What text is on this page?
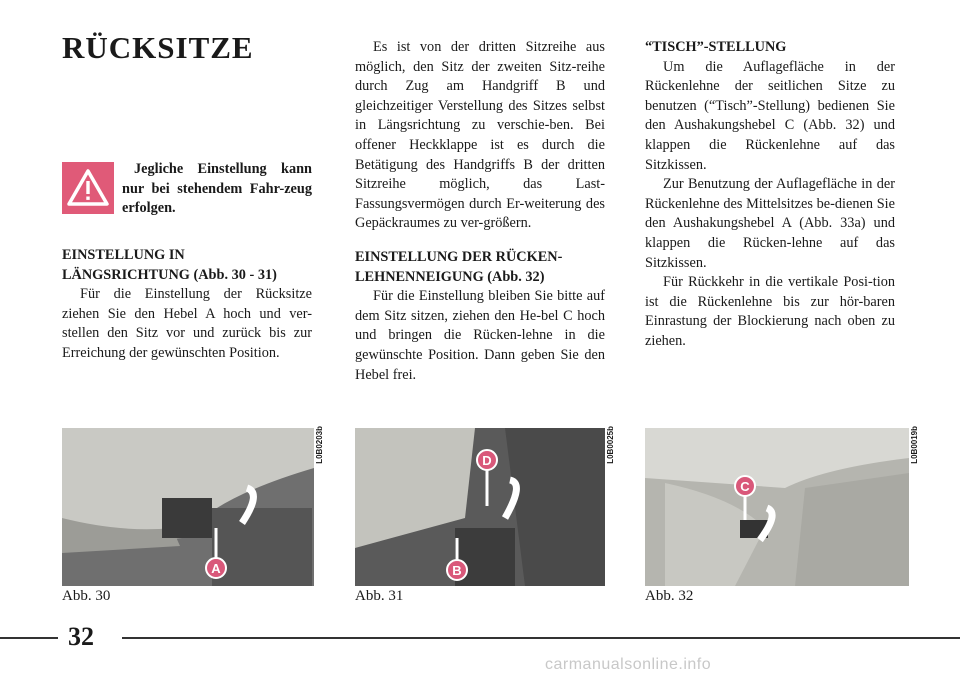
RÜCKSITZE

Jegliche Einstellung kann nur bei stehendem Fahr-zeug erfolgen.

EINSTELLUNG IN
LÄNGSRICHTUNG (Abb. 30 - 31)

Für die Einstellung der Rücksitze ziehen Sie den Hebel A hoch und ver-stellen den Sitz vor und zurück bis zur Erreichung der gewünschten Position.

Es ist von der dritten Sitzreihe aus möglich, den Sitz der zweiten Sitz-reihe durch Zug am Handgriff B und gleichzeitiger Verstellung des Sitzes selbst in Längsrichtung zu verschie-ben. Bei offener Heckklappe ist es durch die Betätigung des Handgriffs B der dritten Sitzreihe möglich, das Last-Fassungsvermögen durch Er-weiterung des Gepäckraumes zu ver-größern.

EINSTELLUNG DER RÜCKEN-
LEHNENNEIGUNG (Abb. 32)

Für die Einstellung bleiben Sie bitte auf dem Sitz sitzen, ziehen den He-bel C hoch und bringen die Rücken-lehne in die gewünschte Position. Dann geben Sie den Hebel frei.

“TISCH”-STELLUNG

Um die Auflagefläche in der Rückenlehne der seitlichen Sitze zu benutzen (“Tisch”-Stellung) bedienen Sie den Aushakungshebel C (Abb. 32) und klappen die Rückenlehne auf das Sitzkissen.

Zur Benutzung der Auflagefläche in der Rückenlehne des Mittelsitzes be-dienen Sie den Aushakungshebel A (Abb. 33a) und klappen die Rücken-lehne auf das Sitzkissen.

Für Rückkehr in die vertikale Posi-tion ist die Rückenlehne bis zur hör-baren Einrastung der Blockierung nach oben zu ziehen.

A
L0B0203b
Abb. 30
D
B
L0B0025b
Abb. 31
C
L0B0019b
Abb. 32
32
carmanualsonline.info
